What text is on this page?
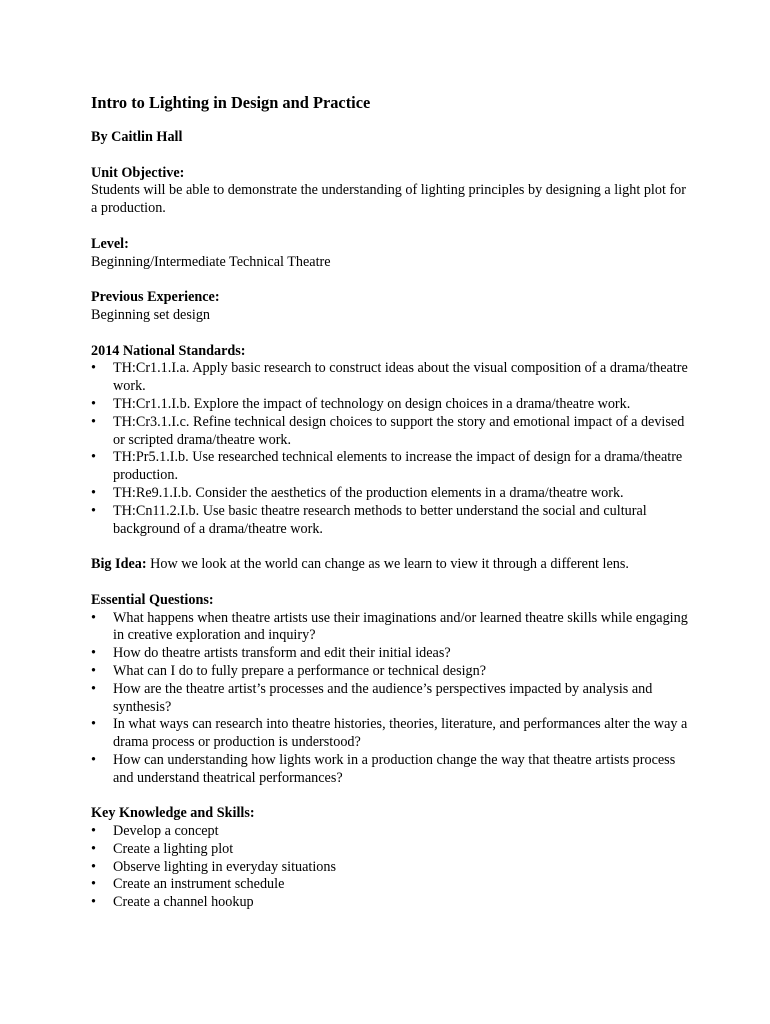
Intro to Lighting in Design and Practice
By Caitlin Hall
Unit Objective:
Students will be able to demonstrate the understanding of lighting principles by designing a light plot for a production.
Level:
Beginning/Intermediate Technical Theatre
Previous Experience:
Beginning set design
2014 National Standards:
•	TH:Cr1.1.I.a. Apply basic research to construct ideas about the visual composition of a drama/theatre work.
•	TH:Cr1.1.I.b. Explore the impact of technology on design choices in a drama/theatre work.
•	TH:Cr3.1.I.c. Refine technical design choices to support the story and emotional impact of a devised or scripted drama/theatre work.
•	TH:Pr5.1.I.b. Use researched technical elements to increase the impact of design for a drama/theatre production.
•	TH:Re9.1.I.b. Consider the aesthetics of the production elements in a drama/theatre work.
•	TH:Cn11.2.I.b. Use basic theatre research methods to better understand the social and cultural background of a drama/theatre work.
Big Idea: How we look at the world can change as we learn to view it through a different lens.
Essential Questions:
•	What happens when theatre artists use their imaginations and/or learned theatre skills while engaging in creative exploration and inquiry?
•	How do theatre artists transform and edit their initial ideas?
•	What can I do to fully prepare a performance or technical design?
•	How are the theatre artist’s processes and the audience’s perspectives impacted by analysis and synthesis?
•	In what ways can research into theatre histories, theories, literature, and performances alter the way a drama process or production is understood?
•	How can understanding how lights work in a production change the way that theatre artists process and understand theatrical performances?
Key Knowledge and Skills:
•	Develop a concept
•	Create a lighting plot
•	Observe lighting in everyday situations
•	Create an instrument schedule
•	Create a channel hookup
